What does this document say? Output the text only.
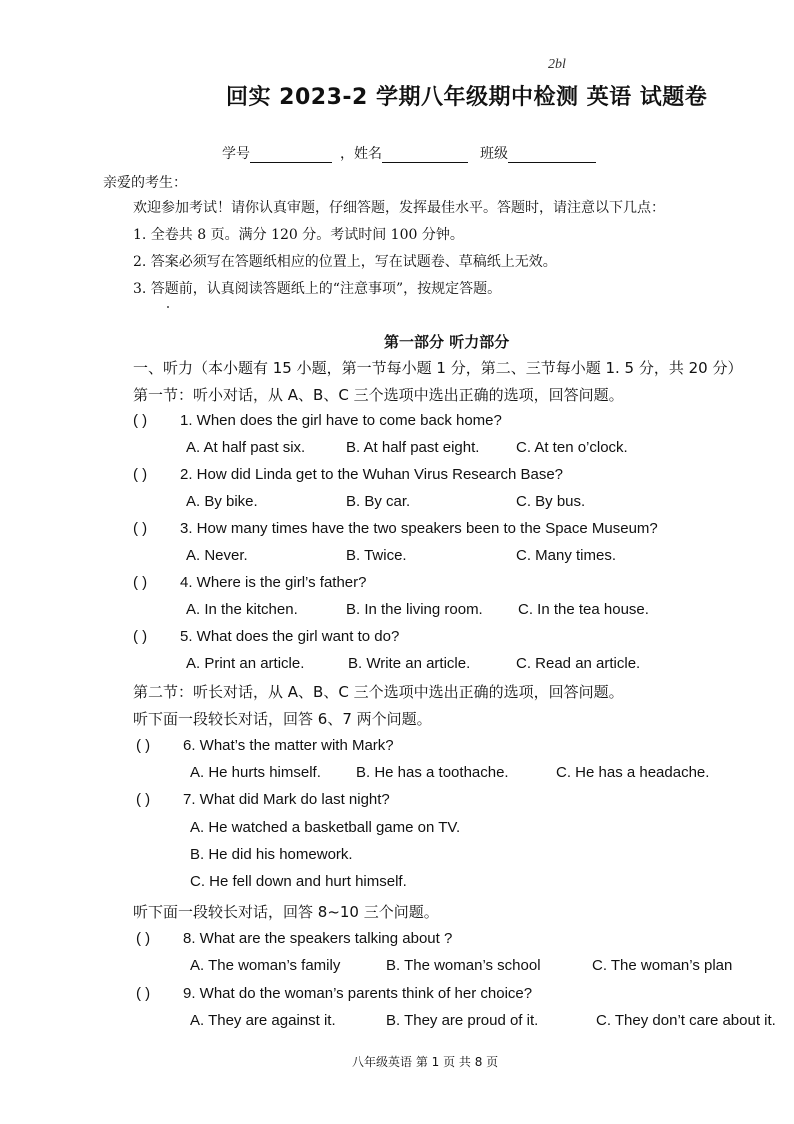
2bl
回实 2023-2 学期八年级期中检测 英语 试题卷
学号	，姓名	班级
亲爱的考生：
欢迎参加考试！请你认真审题，仔细答题，发挥最佳水平。答题时，请注意以下几点：
1. 全卷共 8 页。满分 120 分。考试时间 100 分钟。
2. 答案必须写在答题纸相应的位置上，写在试题卷、草稿纸上无效。
3. 答题前，认真阅读答题纸上的“注意事项”，按规定答题。
第一部分 听力部分
一、听力（本小题有 15 小题，第一节每小题 1 分，第二、三节每小题 1. 5 分，共 20 分）
第一节：听小对话，从 A、B、C 三个选项中选出正确的选项，回答问题。
( ) 1. When does the girl have to come back home?
A. At half past six.	B. At half past eight. C. At ten o’clock.
( ) 2. How did Linda get to the Wuhan Virus Research Base?
A. By bike.	B. By car.	C. By bus.
( ) 3. How many times have the two speakers been to the Space Museum?
A. Never.	B. Twice.	C. Many times.
( ) 4. Where is the girl’s father?
A. In the kitchen.	B. In the living room. C. In the tea house.
( ) 5. What does the girl want to do?
A. Print an article.	B. Write an article.	C. Read an article.
第二节：听长对话，从 A、B、C 三个选项中选出正确的选项，回答问题。
听下面一段较长对话，回答 6、7 两个问题。
( ) 6. What’s the matter with Mark?
A. He hurts himself. B. He has a toothache.	C. He has a headache.
( ) 7. What did Mark do last night?
A. He watched a basketball game on TV.
B. He did his homework.
C. He fell down and hurt himself.
听下面一段较长对话，回答 8~10 三个问题。
( ) 8. What are the speakers talking about ?
A. The woman’s family	B. The woman’s school	C. The woman’s plan
( ) 9. What do the woman’s parents think of her choice?
A. They are against it.	B. They are proud of it.	C. They don’t care about it.
八年级英语 第 1 页 共 8 页
